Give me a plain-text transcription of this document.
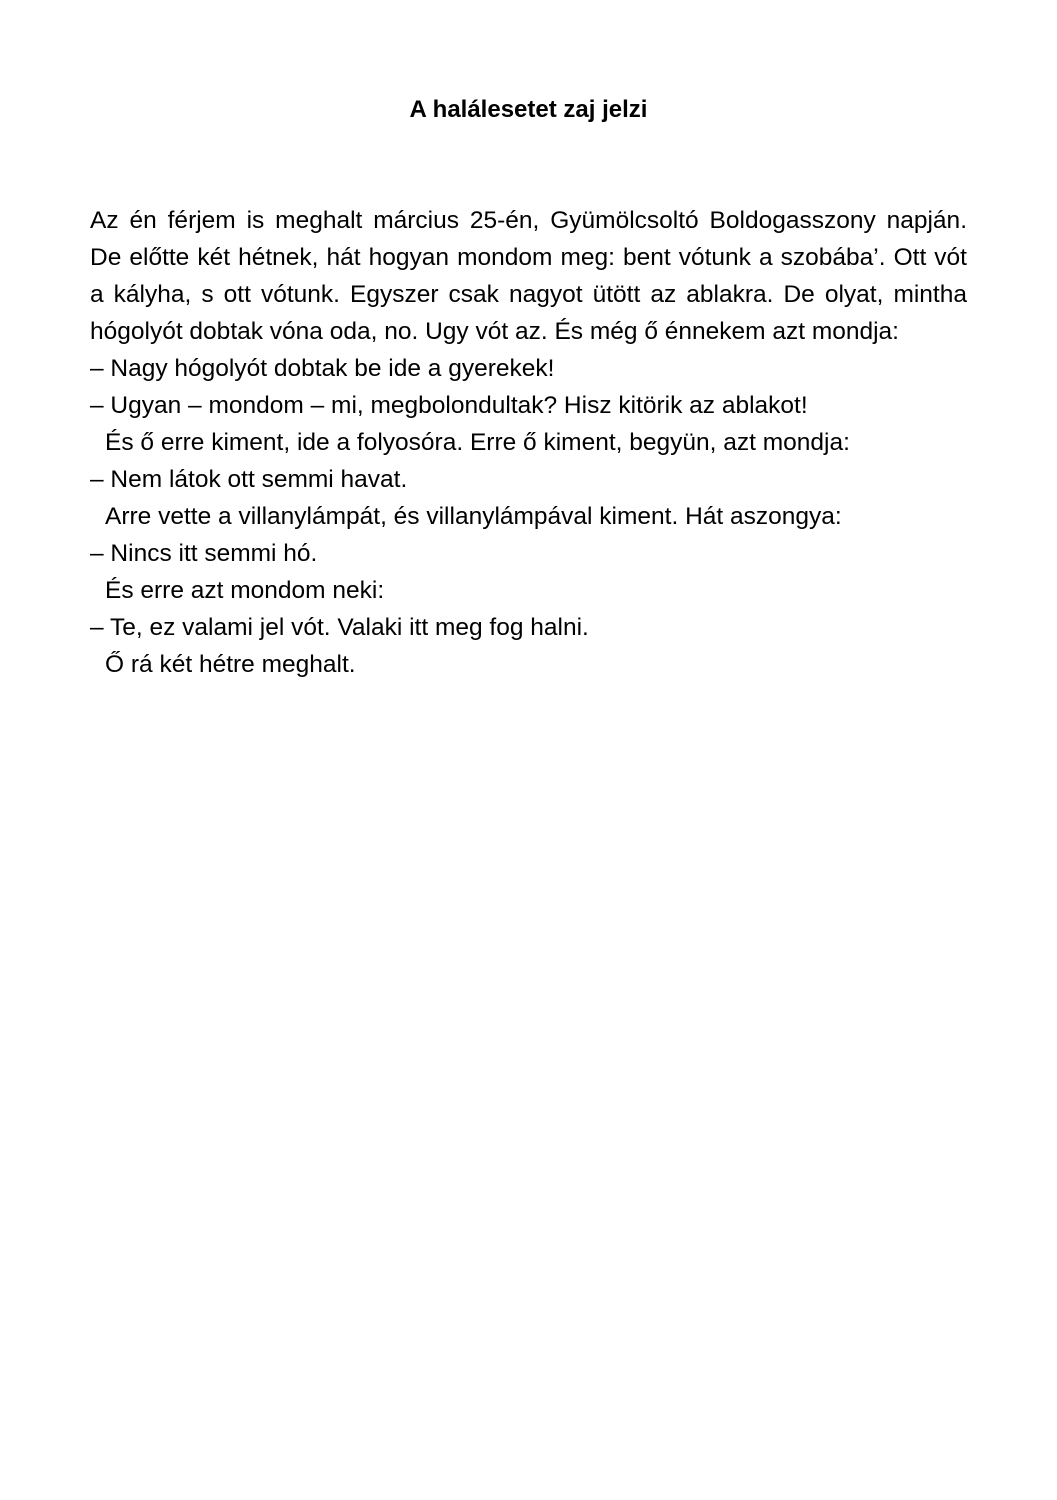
A halálesetet zaj jelzi

Az én férjem is meghalt március 25-én, Gyümölcsoltó Boldogasszony napján. De előtte két hétnek, hát hogyan mondom meg: bent vótunk a szobába’. Ott vót a kályha, s ott vótunk. Egyszer csak nagyot ütött az ablakra. De olyat, mintha hógolyót dobtak vóna oda, no. Ugy vót az. És még ő énnekem azt mondja:

– Nagy hógolyót dobtak be ide a gyerekek!

– Ugyan – mondom – mi, megbolondultak? Hisz kitörik az ablakot!

És ő erre kiment, ide a folyosóra. Erre ő kiment, begyün, azt mondja:

– Nem látok ott semmi havat.

Arre vette a villanylámpát, és villanylámpával kiment. Hát aszongya:

– Nincs itt semmi hó.

És erre azt mondom neki:

– Te, ez valami jel vót. Valaki itt meg fog halni.

Ő rá két hétre meghalt.
